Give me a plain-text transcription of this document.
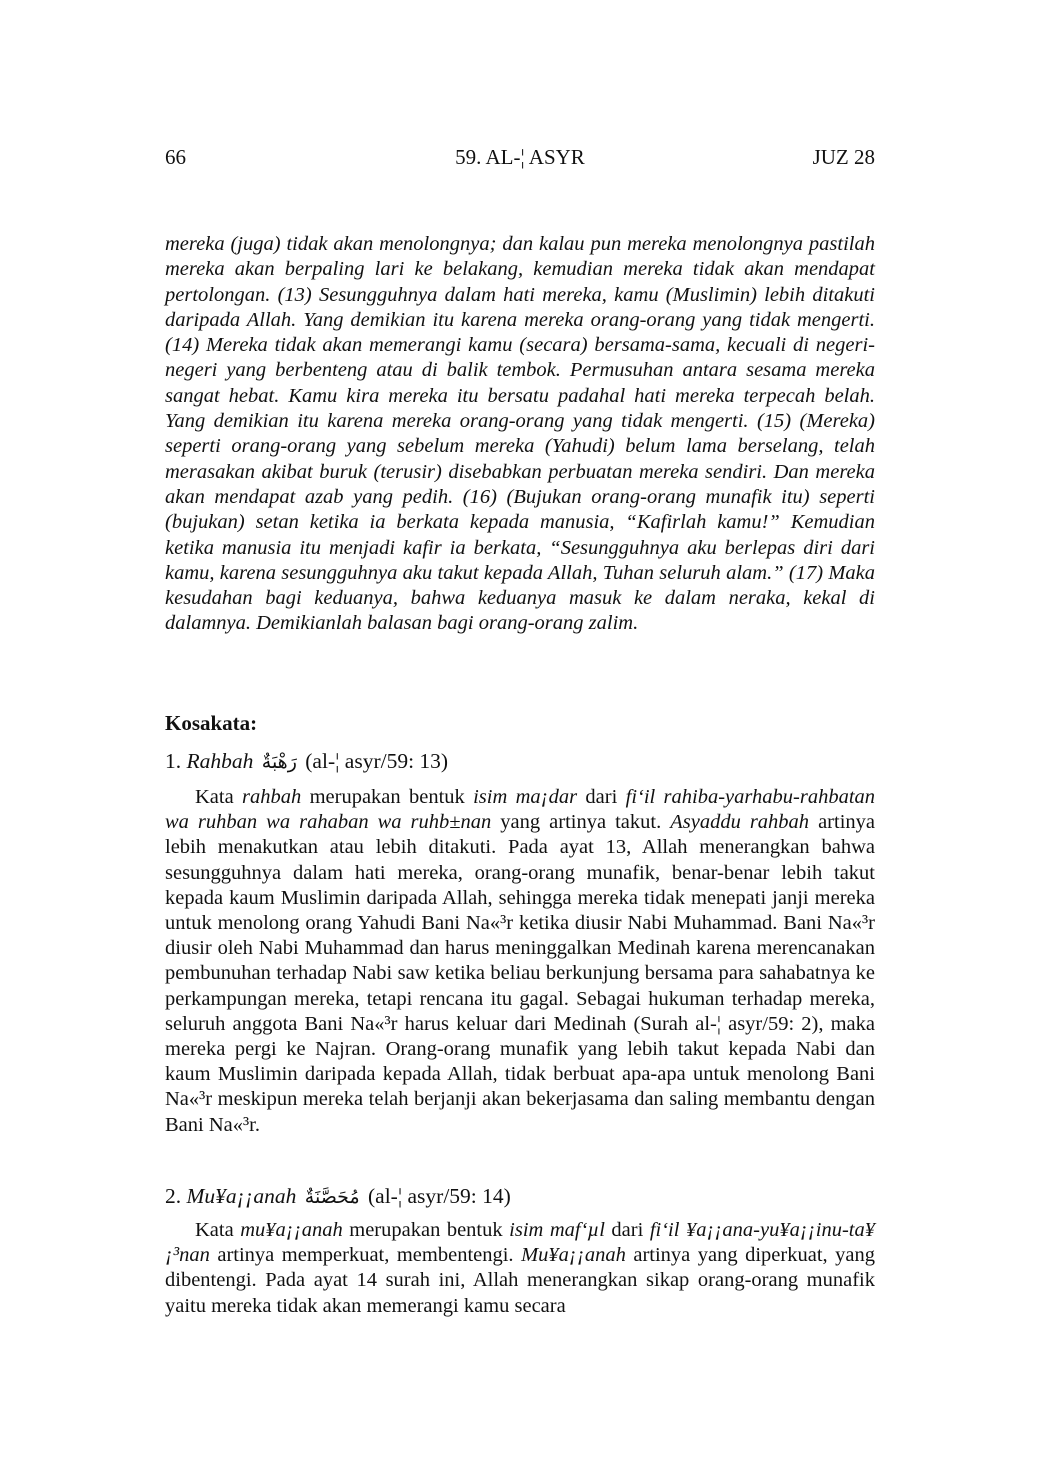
66	59. AL-¦ ASYR	JUZ 28

mereka (juga) tidak akan menolongnya; dan kalau pun mereka menolongnya pastilah mereka akan berpaling lari ke belakang, kemudian mereka tidak akan mendapat pertolongan. (13) Sesungguhnya dalam hati mereka, kamu (Muslimin) lebih ditakuti daripada Allah. Yang demikian itu karena mereka orang-orang yang tidak mengerti. (14) Mereka tidak akan memerangi kamu (secara) bersama-sama, kecuali di negeri-negeri yang berbenteng atau di balik tembok. Permusuhan antara sesama mereka sangat hebat. Kamu kira mereka itu bersatu padahal hati mereka terpecah belah. Yang demikian itu karena mereka orang-orang yang tidak mengerti. (15) (Mereka) seperti orang-orang yang sebelum mereka (Yahudi) belum lama berselang, telah merasakan akibat buruk (terusir) disebabkan perbuatan mereka sendiri. Dan mereka akan mendapat azab yang pedih. (16) (Bujukan orang-orang munafik itu) seperti (bujukan) setan ketika ia berkata kepada manusia, “Kafirlah kamu!” Kemudian ketika manusia itu menjadi kafir ia berkata, “Sesungguhnya aku berlepas diri dari kamu, karena sesungguhnya aku takut kepada Allah, Tuhan seluruh alam.” (17) Maka kesudahan bagi keduanya, bahwa keduanya masuk ke dalam neraka, kekal di dalamnya. Demikianlah balasan bagi orang-orang zalim.

Kosakata:
1. Rahbah رَهْبَةٌ (al-¦ asyr/59: 13)

Kata rahbah merupakan bentuk isim ma¡dar dari fi‘il rahiba-yarhabu-rahbatan wa ruhban wa rahaban wa ruhb±nan yang artinya takut. Asyaddu rahbah artinya lebih menakutkan atau lebih ditakuti. Pada ayat 13, Allah menerangkan bahwa sesungguhnya dalam hati mereka, orang-orang munafik, benar-benar lebih takut kepada kaum Muslimin daripada Allah, sehingga mereka tidak menepati janji mereka untuk menolong orang Yahudi Bani Na«³r ketika diusir Nabi Muhammad. Bani Na«³r diusir oleh Nabi Muhammad dan harus meninggalkan Medinah karena merencanakan pembunuhan terhadap Nabi saw ketika beliau berkunjung bersama para sahabatnya ke perkampungan mereka, tetapi rencana itu gagal. Sebagai hukuman terhadap mereka, seluruh anggota Bani Na«³r harus keluar dari Medinah (Surah al-¦ asyr/59: 2), maka mereka pergi ke Najran. Orang-orang munafik yang lebih takut kepada Nabi dan kaum Muslimin daripada kepada Allah, tidak berbuat apa-apa untuk menolong Bani Na«³r meskipun mereka telah berjanji akan bekerjasama dan saling membantu dengan Bani Na«³r.

2. Mu¥a¡¡anah مُحَصَّنَةٌ (al-¦ asyr/59: 14)

Kata mu¥a¡¡anah merupakan bentuk isim maf‘µl dari fi‘il ¥a¡¡ana-yu¥a¡¡inu-ta¥¡³nan artinya memperkuat, membentengi. Mu¥a¡¡anah artinya yang diperkuat, yang dibentengi. Pada ayat 14 surah ini, Allah menerangkan sikap orang-orang munafik yaitu mereka tidak akan memerangi kamu secara
